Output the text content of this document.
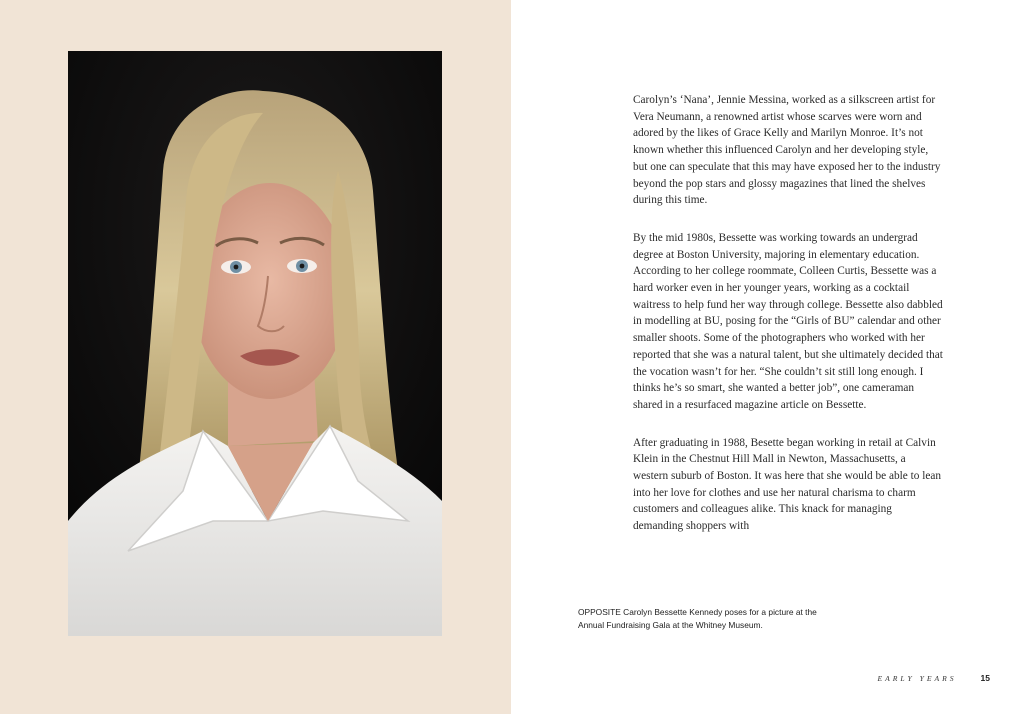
Carolyn’s ‘Nana’, Jennie Messina, worked as a silkscreen artist for Vera Neumann, a renowned artist whose scarves were worn and adored by the likes of Grace Kelly and Marilyn Monroe. It’s not known whether this influenced Carolyn and her developing style, but one can speculate that this may have exposed her to the industry beyond the pop stars and glossy magazines that lined the shelves during this time.

By the mid 1980s, Bessette was working towards an undergrad degree at Boston University, majoring in elementary education. According to her college roommate, Colleen Curtis, Bessette was a hard worker even in her younger years, working as a cocktail waitress to help fund her way through college. Bessette also dabbled in modelling at BU, posing for the “Girls of BU” calendar and other smaller shoots. Some of the photographers who worked with her reported that she was a natural talent, but she ultimately decided that the vocation wasn’t for her. “She couldn’t sit still long enough. I thinks he’s so smart, she wanted a better job”, one cameraman shared in a resurfaced magazine article on Bessette.

After graduating in 1988, Besette began working in retail at Calvin Klein in the Chestnut Hill Mall in Newton, Massachusetts, a western suburb of Boston. It was here that she would be able to lean into her love for clothes and use her natural charisma to charm customers and colleagues alike. This knack for managing demanding shoppers with

OPPOSITE Carolyn Bessette Kennedy poses for a picture at the Annual Fundraising Gala at the Whitney Museum.
EARLY YEARS	15
